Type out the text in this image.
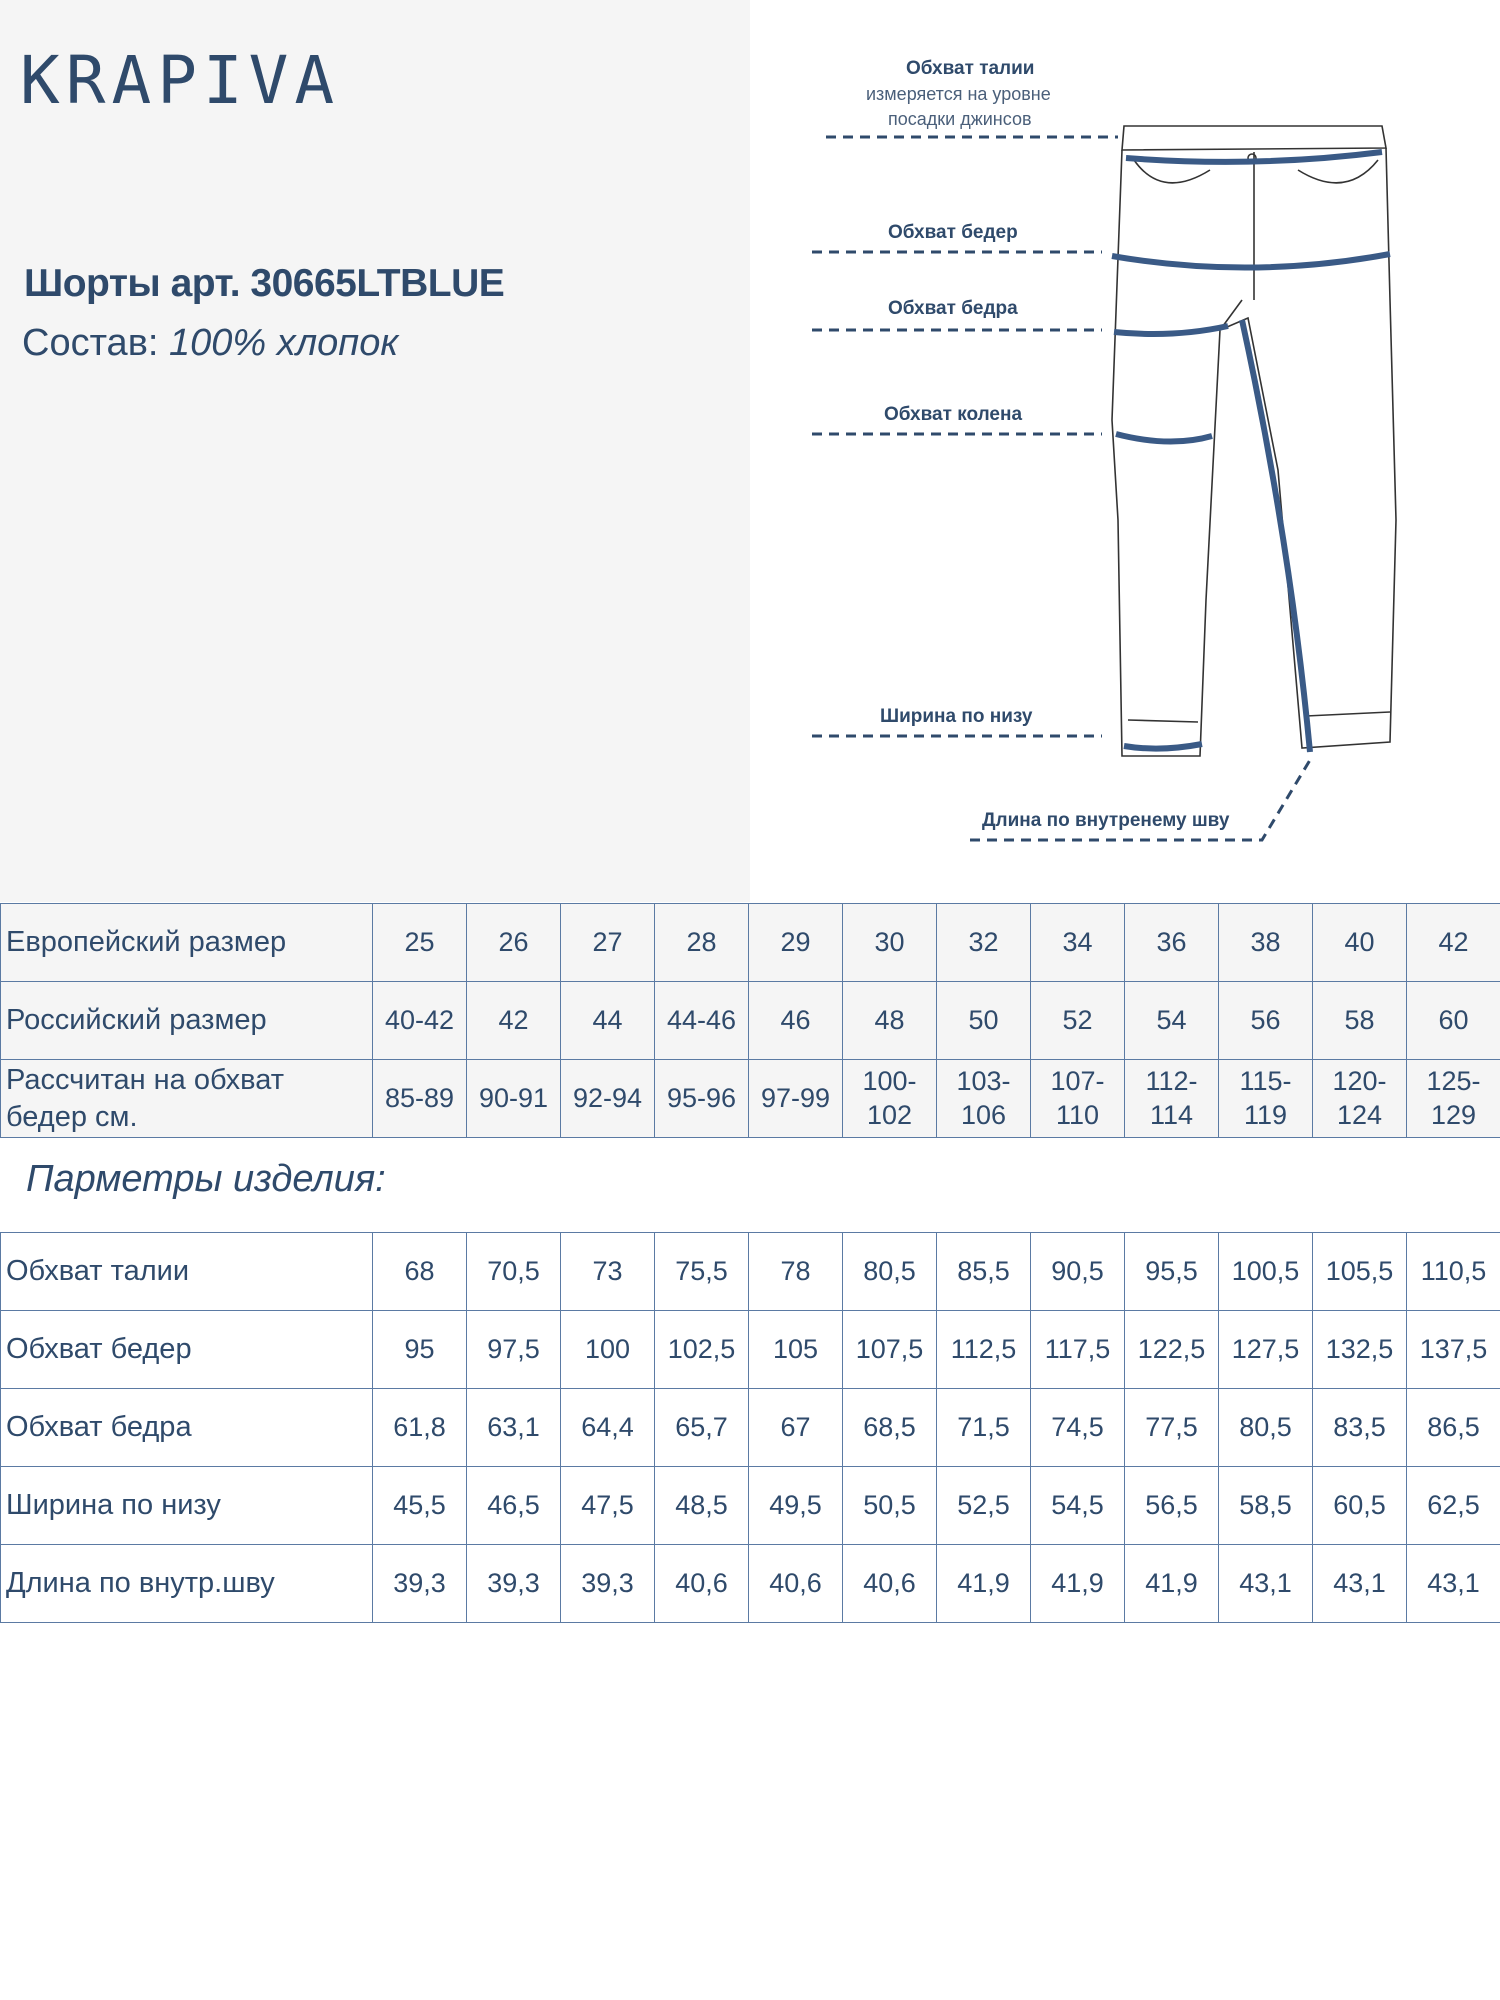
KRAPIVA
Шорты арт. 30665LTBLUE
Состав: 100% хлопок
Обхват талии
измеряется на уровне
посадки джинсов
Обхват бедер
Обхват бедра
Обхват колена
Ширина по низу
Длина по внутренему шву
Европейский размер	25	26	27	28	29	30	32	34	36	38	40	42
Российский размер	40-42	42	44	44-46	46	48	50	52	54	56	58	60
Рассчитан на обхват бедер см.	85-89	90-91	92-94	95-96	97-99	100-102	103-106	107-110	112-114	115-119	120-124	125-129
Парметры изделия:
Обхват талии	68	70,5	73	75,5	78	80,5	85,5	90,5	95,5	100,5	105,5	110,5
Обхват бедер	95	97,5	100	102,5	105	107,5	112,5	117,5	122,5	127,5	132,5	137,5
Обхват бедра	61,8	63,1	64,4	65,7	67	68,5	71,5	74,5	77,5	80,5	83,5	86,5
Ширина по низу	45,5	46,5	47,5	48,5	49,5	50,5	52,5	54,5	56,5	58,5	60,5	62,5
Длина по внутр.шву	39,3	39,3	39,3	40,6	40,6	40,6	41,9	41,9	41,9	43,1	43,1	43,1
